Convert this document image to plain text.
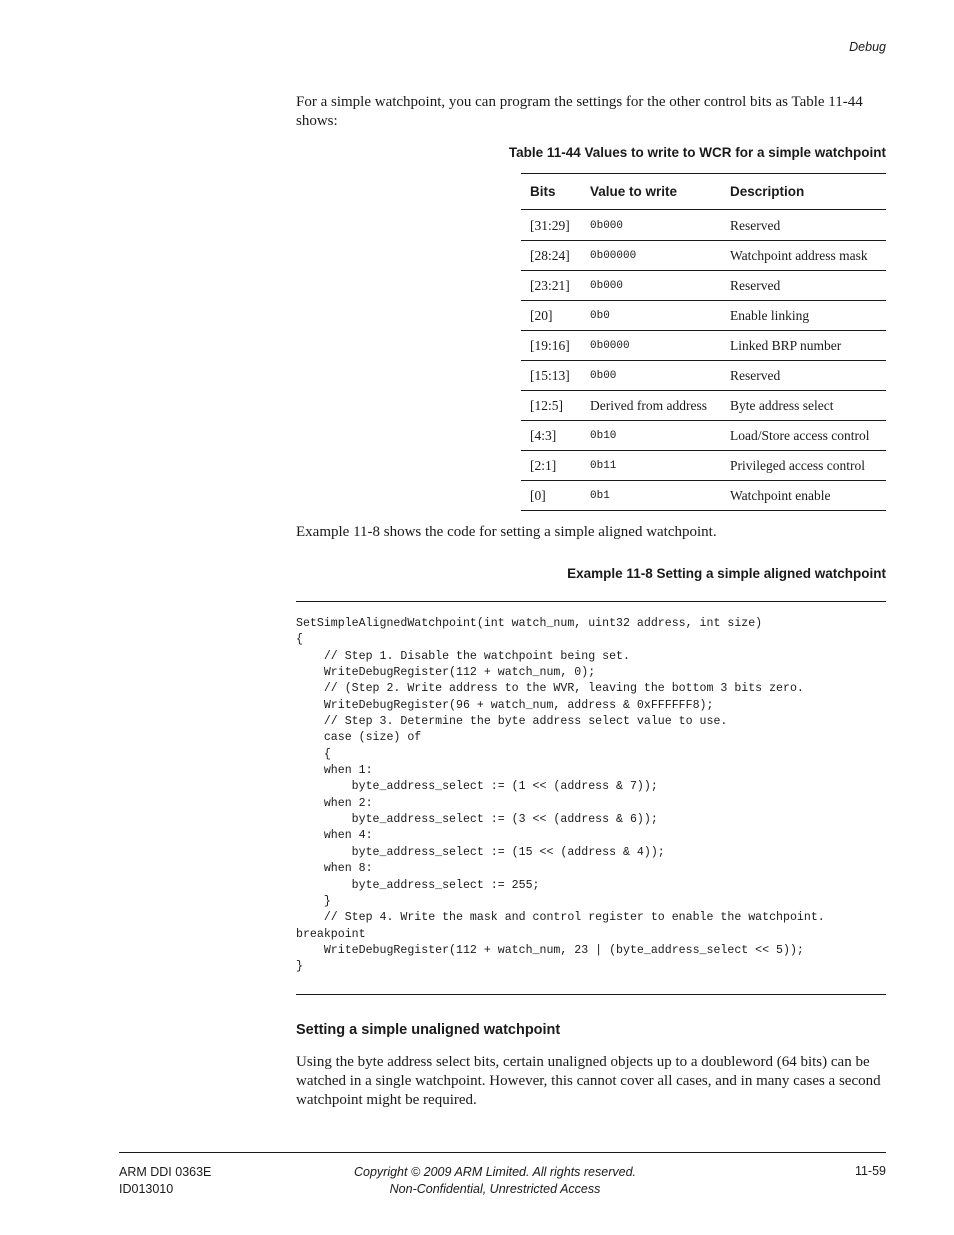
Debug
For a simple watchpoint, you can program the settings for the other control bits as Table 11-44 shows:
Table 11-44 Values to write to WCR for a simple watchpoint
Bits	Value to write	Description
[31:29]	0b000	Reserved
[28:24]	0b00000	Watchpoint address mask
[23:21]	0b000	Reserved
[20]	0b0	Enable linking
[19:16]	0b0000	Linked BRP number
[15:13]	0b00	Reserved
[12:5]	Derived from address	Byte address select
[4:3]	0b10	Load/Store access control
[2:1]	0b11	Privileged access control
[0]	0b1	Watchpoint enable
Example 11-8 shows the code for setting a simple aligned watchpoint.
Example 11-8 Setting a simple aligned watchpoint
SetSimpleAlignedWatchpoint(int watch_num, uint32 address, int size)
{
// Step 1. Disable the watchpoint being set.
WriteDebugRegister(112 + watch_num, 0);
// (Step 2. Write address to the WVR, leaving the bottom 3 bits zero.
WriteDebugRegister(96 + watch_num, address & 0xFFFFFF8);
// Step 3. Determine the byte address select value to use.
case (size) of
{
when 1:
byte_address_select := (1 << (address & 7));
when 2:
byte_address_select := (3 << (address & 6));
when 4:
byte_address_select := (15 << (address & 4));
when 8:
byte_address_select := 255;
}
// Step 4. Write the mask and control register to enable the watchpoint.
breakpoint
WriteDebugRegister(112 + watch_num, 23 | (byte_address_select << 5));
}
Setting a simple unaligned watchpoint
Using the byte address select bits, certain unaligned objects up to a doubleword (64 bits) can be watched in a single watchpoint. However, this cannot cover all cases, and in many cases a second watchpoint might be required.
ARM DDI 0363E
ID013010
Copyright © 2009 ARM Limited. All rights reserved.
Non-Confidential, Unrestricted Access
11-59
